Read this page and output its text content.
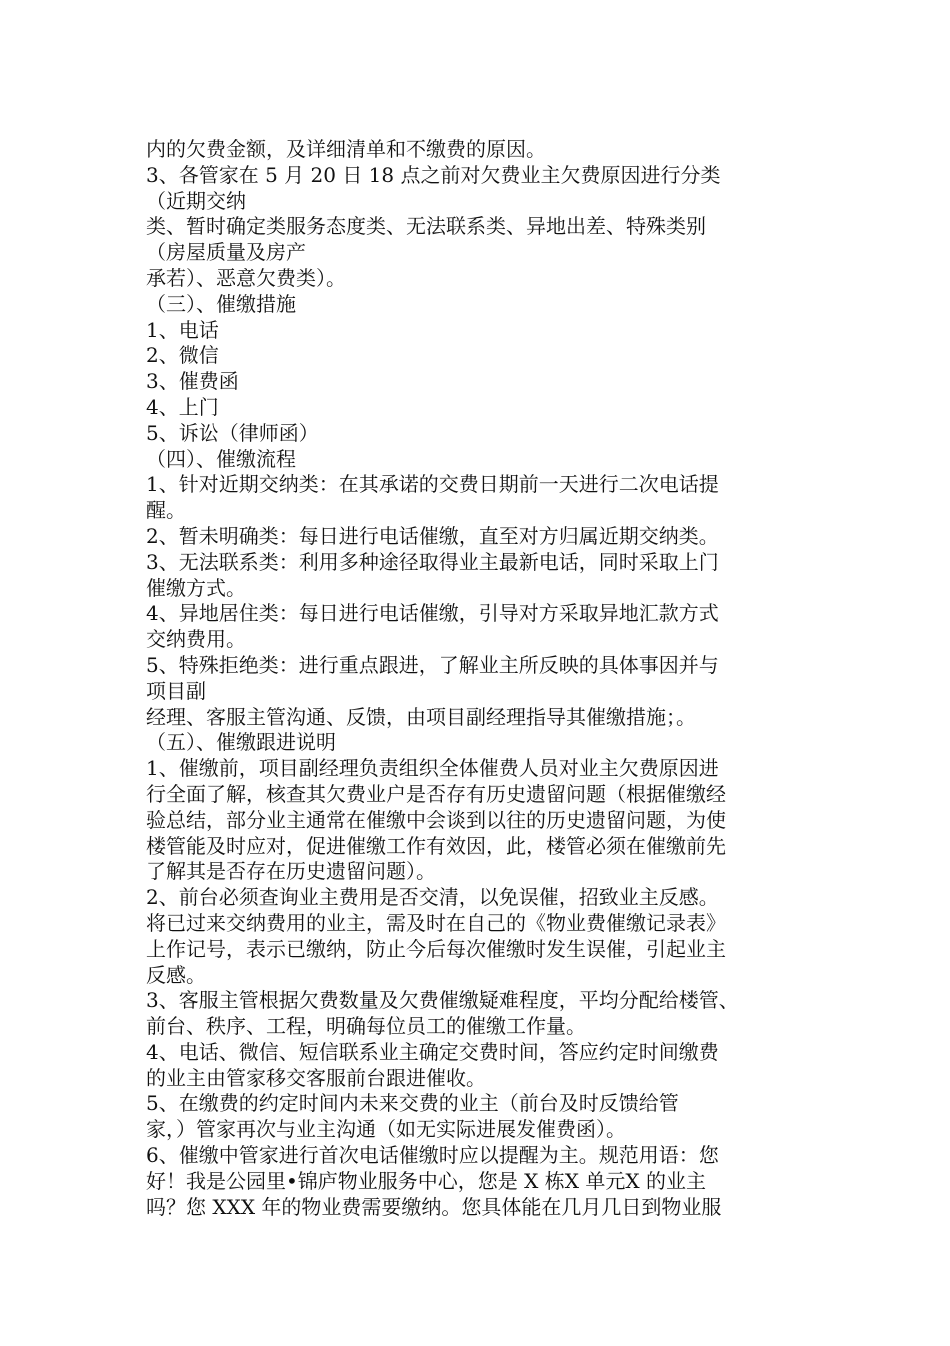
内的欠费金额，及详细清单和不缴费的原因。
3、各管家在 5 月 20 日 18 点之前对欠费业主欠费原因进行分类
（近期交纳
类、暂时确定类服务态度类、无法联系类、异地出差、特殊类别
（房屋质量及房产
承若）、恶意欠费类）。
（三）、催缴措施
1、电话
2、微信
3、催费函
4、上门
5、诉讼（律师函）
（四）、催缴流程
1、针对近期交纳类：在其承诺的交费日期前一天进行二次电话提
醒。
2、暂未明确类：每日进行电话催缴，直至对方归属近期交纳类。
3、无法联系类：利用多种途径取得业主最新电话，同时采取上门
催缴方式。
4、异地居住类：每日进行电话催缴，引导对方采取异地汇款方式
交纳费用。
5、特殊拒绝类：进行重点跟进，了解业主所反映的具体事因并与
项目副
经理、客服主管沟通、反馈，由项目副经理指导其催缴措施；。
（五）、催缴跟进说明
1、催缴前，项目副经理负责组织全体催费人员对业主欠费原因进
行全面了解，核查其欠费业户是否存有历史遗留问题（根据催缴经
验总结，部分业主通常在催缴中会谈到以往的历史遗留问题，为使
楼管能及时应对，促进催缴工作有效因，此，楼管必须在催缴前先
了解其是否存在历史遗留问题）。
2、前台必须查询业主费用是否交清，以免误催，招致业主反感。
将已过来交纳费用的业主，需及时在自己的《物业费催缴记录表》
上作记号，表示已缴纳，防止今后每次催缴时发生误催，引起业主
反感。
3、客服主管根据欠费数量及欠费催缴疑难程度，平均分配给楼管、
前台、秩序、工程，明确每位员工的催缴工作量。
4、电话、微信、短信联系业主确定交费时间，答应约定时间缴费
的业主由管家移交客服前台跟进催收。
5、在缴费的约定时间内未来交费的业主（前台及时反馈给管
家，）管家再次与业主沟通（如无实际进展发催费函）。
6、催缴中管家进行首次电话催缴时应以提醒为主。规范用语：您
好！我是公园里•锦庐物业服务中心，您是 X 栋X 单元X 的业主
吗？您 XXX 年的物业费需要缴纳。您具体能在几月几日到物业服
